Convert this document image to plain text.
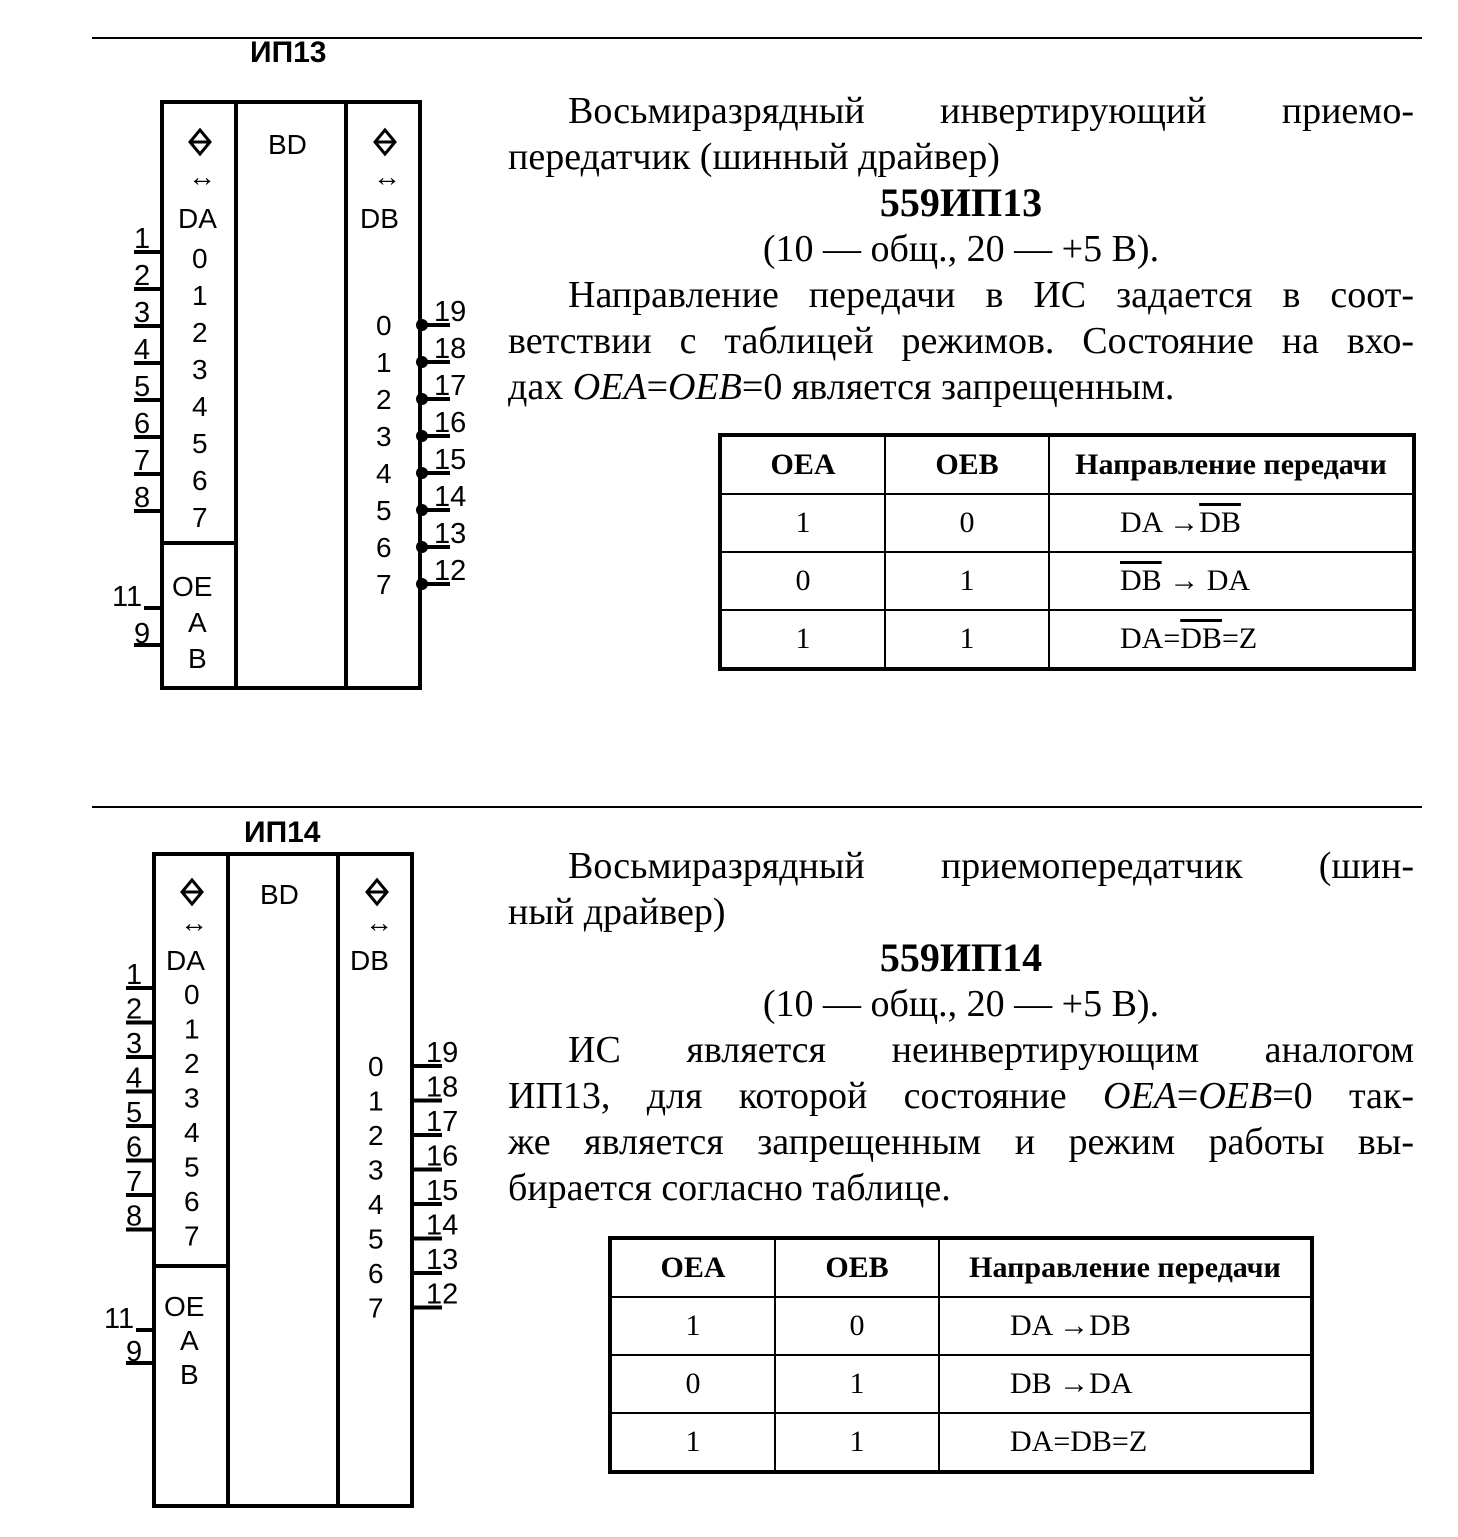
ИП13
BD
↔
DA
↔
DB
0
1
1
2
2
3
3
4
4
5
5
6
6
7
7
8
0 19
1 18
2 17
3 16
4 15
5 14
6 13
7 12
OE
A
B
11
9

Восьмиразрядный инвертирующий приемо-

передатчик (шинный драйвер)

559ИП13

(10 — общ., 20 — +5 В).

Направление передачи в ИС задается в соот-

ветствии с таблицей режимов. Состояние на вхо-

дах OEA=OEB=0 является запрещенным.

OEA	OEB	Направление передачи
1	0	DA $\to\overline{DB}$
0	1	$\overline{DB}$ → DA
1	1	$DA=\overline{DB}=Z$
ИП14
BD
↔
DA
↔
DB
0
1
1
2
2
3
3
4
4
5
5
6
6
7
7
8
0 19
1 18
2 17
3 16
4 15
5 14
6 13
7 12
OE
A
B
11
9

Восьмиразрядный приемопередатчик (шин-

ный драйвер)

559ИП14

(10 — общ., 20 — +5 В).

ИС является неинвертирующим аналогом

ИП13, для которой состояние OEA=OEB=0 так-

же является запрещенным и режим работы вы-

бирается согласно таблице.

OEA	OEB	Направление передачи
1	0	DA →DB
0	1	DB →DA
1	1	DA=DB=Z
